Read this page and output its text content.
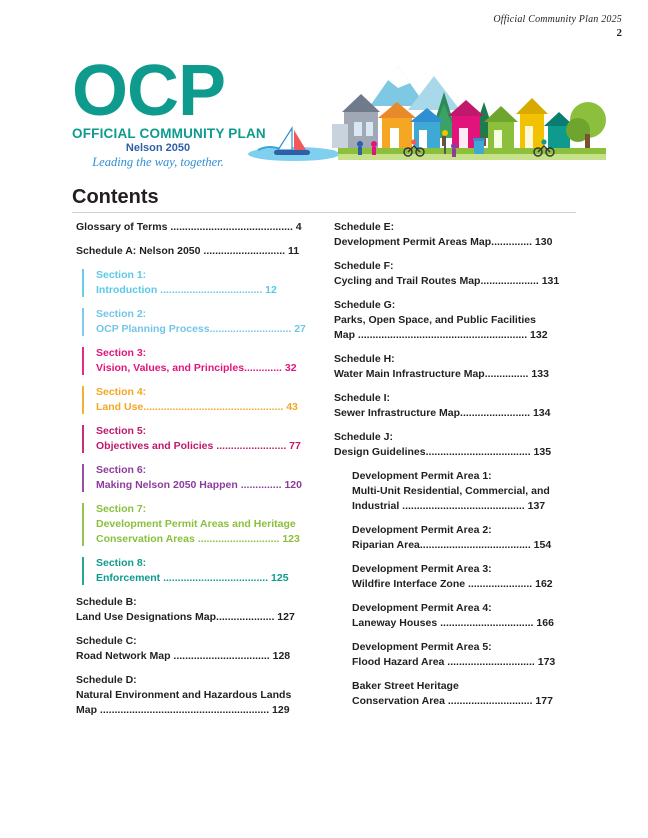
Official Community Plan 2025
2
OCP
OFFICIAL COMMUNITY PLAN
Nelson 2050
Leading the way, together.
Contents
Glossary of Terms .......................................... 4
Schedule A: Nelson 2050 ............................ 11
Section 1:
Introduction ................................... 12
Section 2:
OCP Planning Process............................ 27
Section 3:
Vision, Values, and Principles............. 32
Section 4:
Land Use................................................ 43
Section 5:
Objectives and Policies ........................ 77
Section 6:
Making Nelson 2050 Happen .............. 120
Section 7:
Development Permit Areas and Heritage
Conservation Areas ............................ 123
Section 8:
Enforcement .................................... 125
Schedule B:
Land Use Designations Map.................... 127
Schedule C:
Road Network Map ................................. 128
Schedule D:
Natural Environment and Hazardous Lands
Map .......................................................... 129
Schedule E:
Development Permit Areas Map.............. 130
Schedule F:
Cycling and Trail Routes Map.................... 131
Schedule G:
Parks, Open Space, and Public Facilities
Map .......................................................... 132
Schedule H:
Water Main Infrastructure Map............... 133
Schedule I:
Sewer Infrastructure Map........................ 134
Schedule J:
Design Guidelines.................................... 135
Development Permit Area 1:
Multi-Unit Residential, Commercial, and
Industrial .......................................... 137
Development Permit Area 2:
Riparian Area...................................... 154
Development Permit Area 3:
Wildfire Interface Zone ...................... 162
Development Permit Area 4:
Laneway Houses ................................ 166
Development Permit Area 5:
Flood Hazard Area .............................. 173
Baker Street Heritage
Conservation Area ............................. 177
